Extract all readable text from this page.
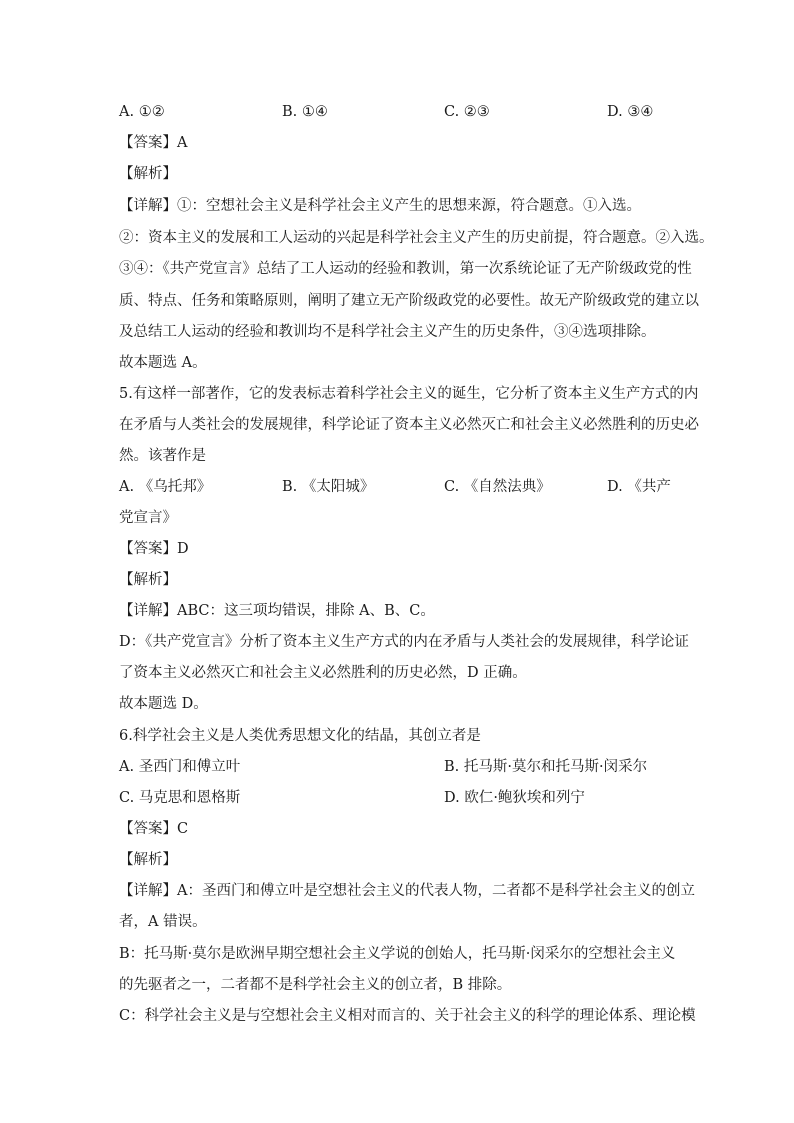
A. ①②	B. ①④	C. ②③	D. ③④
【答案】A
【解析】
【详解】①：空想社会主义是科学社会主义产生的思想来源，符合题意。①入选。
②：资本主义的发展和工人运动的兴起是科学社会主义产生的历史前提，符合题意。②入选。
③④：《共产党宣言》总结了工人运动的经验和教训，第一次系统论证了无产阶级政党的性
质、特点、任务和策略原则，阐明了建立无产阶级政党的必要性。故无产阶级政党的建立以
及总结工人运动的经验和教训均不是科学社会主义产生的历史条件，③④选项排除。
故本题选 A。
5.有这样一部著作，它的发表标志着科学社会主义的诞生，它分析了资本主义生产方式的内
在矛盾与人类社会的发展规律，科学论证了资本主义必然灭亡和社会主义必然胜利的历史必
然。该著作是
A. 《乌托邦》	B. 《太阳城》	C. 《自然法典》	D. 《共产
党宣言》
【答案】D
【解析】
【详解】ABC：这三项均错误，排除 A、B、C。
D：《共产党宣言》分析了资本主义生产方式的内在矛盾与人类社会的发展规律，科学论证
了资本主义必然灭亡和社会主义必然胜利的历史必然，D 正确。
故本题选 D。
6.科学社会主义是人类优秀思想文化的结晶，其创立者是
A. 圣西门和傅立叶	B. 托马斯·莫尔和托马斯·闵采尔
C. 马克思和恩格斯	D. 欧仁·鲍狄埃和列宁
【答案】C
【解析】
【详解】A：圣西门和傅立叶是空想社会主义的代表人物，二者都不是科学社会主义的创立
者，A 错误。
B：托马斯·莫尔是欧洲早期空想社会主义学说的创始人，托马斯·闵采尔的空想社会主义
的先驱者之一，二者都不是科学社会主义的创立者，B 排除。
C：科学社会主义是与空想社会主义相对而言的、关于社会主义的科学的理论体系、理论模
